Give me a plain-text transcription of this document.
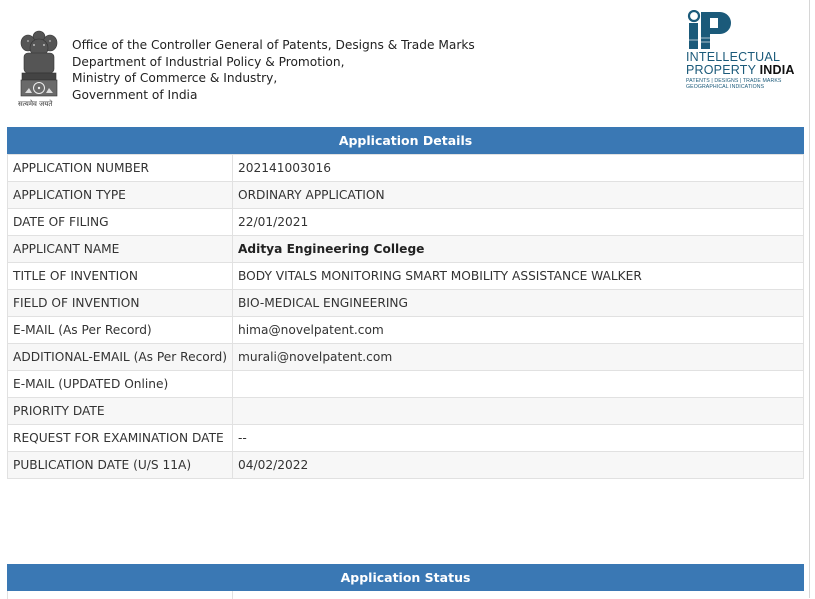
सत्यमेव जयते
Office of the Controller General of Patents, Designs & Trade Marks
Department of Industrial Policy & Promotion,
Ministry of Commerce & Industry,
Government of India
INTELLECTUAL
PROPERTY INDIA
PATENTS | DESIGNS | TRADE MARKS
GEOGRAPHICAL INDICATIONS
Application Details
APPLICATION NUMBER	202141003016
APPLICATION TYPE	ORDINARY APPLICATION
DATE OF FILING	22/01/2021
APPLICANT NAME	Aditya Engineering College
TITLE OF INVENTION	BODY VITALS MONITORING SMART MOBILITY ASSISTANCE WALKER
FIELD OF INVENTION	BIO-MEDICAL ENGINEERING
E-MAIL (As Per Record)	hima@novelpatent.com
ADDITIONAL-EMAIL (As Per Record)	murali@novelpatent.com
E-MAIL (UPDATED Online)	
PRIORITY DATE	
REQUEST FOR EXAMINATION DATE	--
PUBLICATION DATE (U/S 11A)	04/02/2022
Application Status
